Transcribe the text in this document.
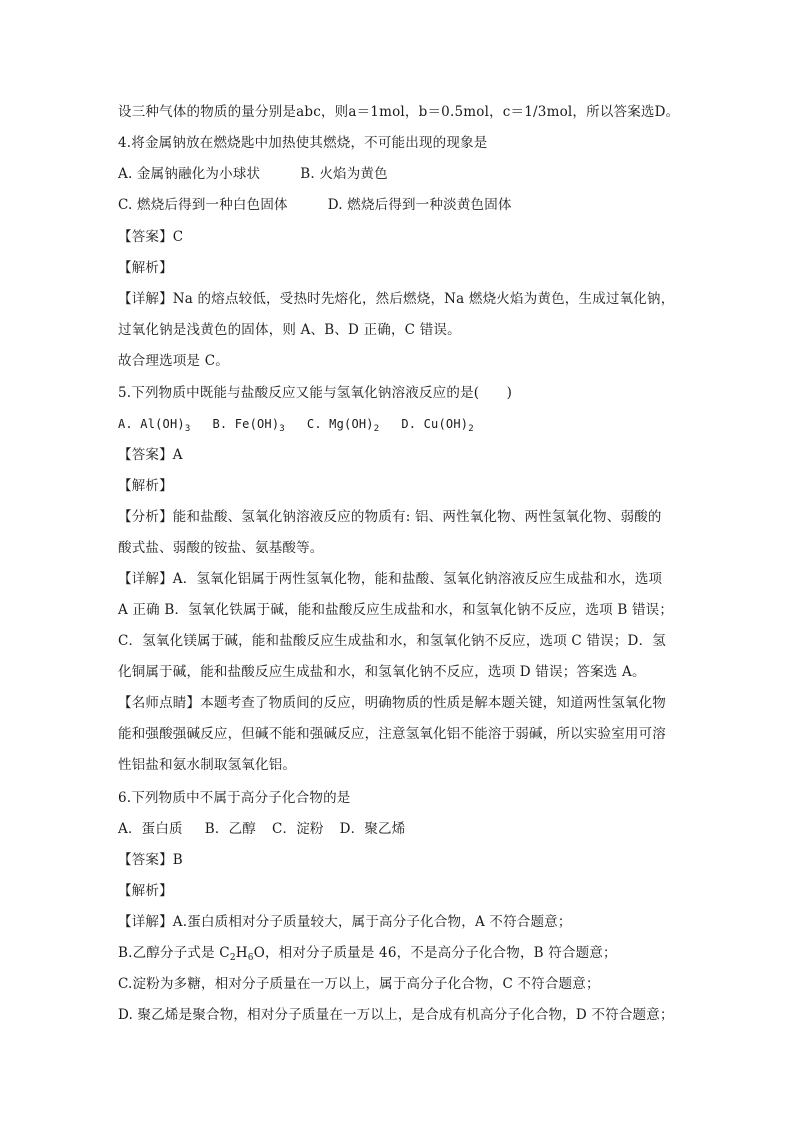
设三种气体的物质的量分别是abc，则a＝1mol，b＝0.5mol，c＝1/3mol，所以答案选D。
4.将金属钠放在燃烧匙中加热使其燃烧，不可能出现的现象是
A. 金属钠融化为小球状	B. 火焰为黄色
C. 燃烧后得到一种白色固体	D. 燃烧后得到一种淡黄色固体
【答案】C
【解析】
【详解】Na 的熔点较低，受热时先熔化，然后燃烧，Na 燃烧火焰为黄色，生成过氧化钠，
过氧化钠是浅黄色的固体，则 A、B、D 正确，C 错误。
故合理选项是 C。
5.下列物质中既能与盐酸反应又能与氢氧化钠溶液反应的是(　　)
A. $Al(OH)_3$ B. $Fe(OH)_3$ C. $Mg(OH)_2$ D. $Cu(OH)_2$
【答案】A
【解析】
【分析】能和盐酸、氢氧化钠溶液反应的物质有: 铝、两性氧化物、两性氢氧化物、弱酸的
酸式盐、弱酸的铵盐、氨基酸等。
【详解】A．氢氧化铝属于两性氢氧化物，能和盐酸、氢氧化钠溶液反应生成盐和水，选项
A 正确 B．氢氧化铁属于碱，能和盐酸反应生成盐和水，和氢氧化钠不反应，选项 B 错误；
C．氢氧化镁属于碱，能和盐酸反应生成盐和水，和氢氧化钠不反应，选项 C 错误；D．氢
化铜属于碱，能和盐酸反应生成盐和水，和氢氧化钠不反应，选项 D 错误；答案选 A。
【名师点睛】本题考查了物质间的反应，明确物质的性质是解本题关键，知道两性氢氧化物
能和强酸强碱反应，但碱不能和强碱反应，注意氢氧化铝不能溶于弱碱，所以实验室用可溶
性铝盐和氨水制取氢氧化铝。
6.下列物质中不属于高分子化合物的是
A．蛋白质 B．乙醇 C．淀粉 D．聚乙烯
【答案】B
【解析】
【详解】A.蛋白质相对分子质量较大，属于高分子化合物，A 不符合题意；
B.乙醇分子式是 $C_2H_6O$，相对分子质量是 46，不是高分子化合物，B 符合题意；
C.淀粉为多糖，相对分子质量在一万以上，属于高分子化合物，C 不符合题意；
D. 聚乙烯是聚合物，相对分子质量在一万以上，是合成有机高分子化合物，D 不符合题意；
